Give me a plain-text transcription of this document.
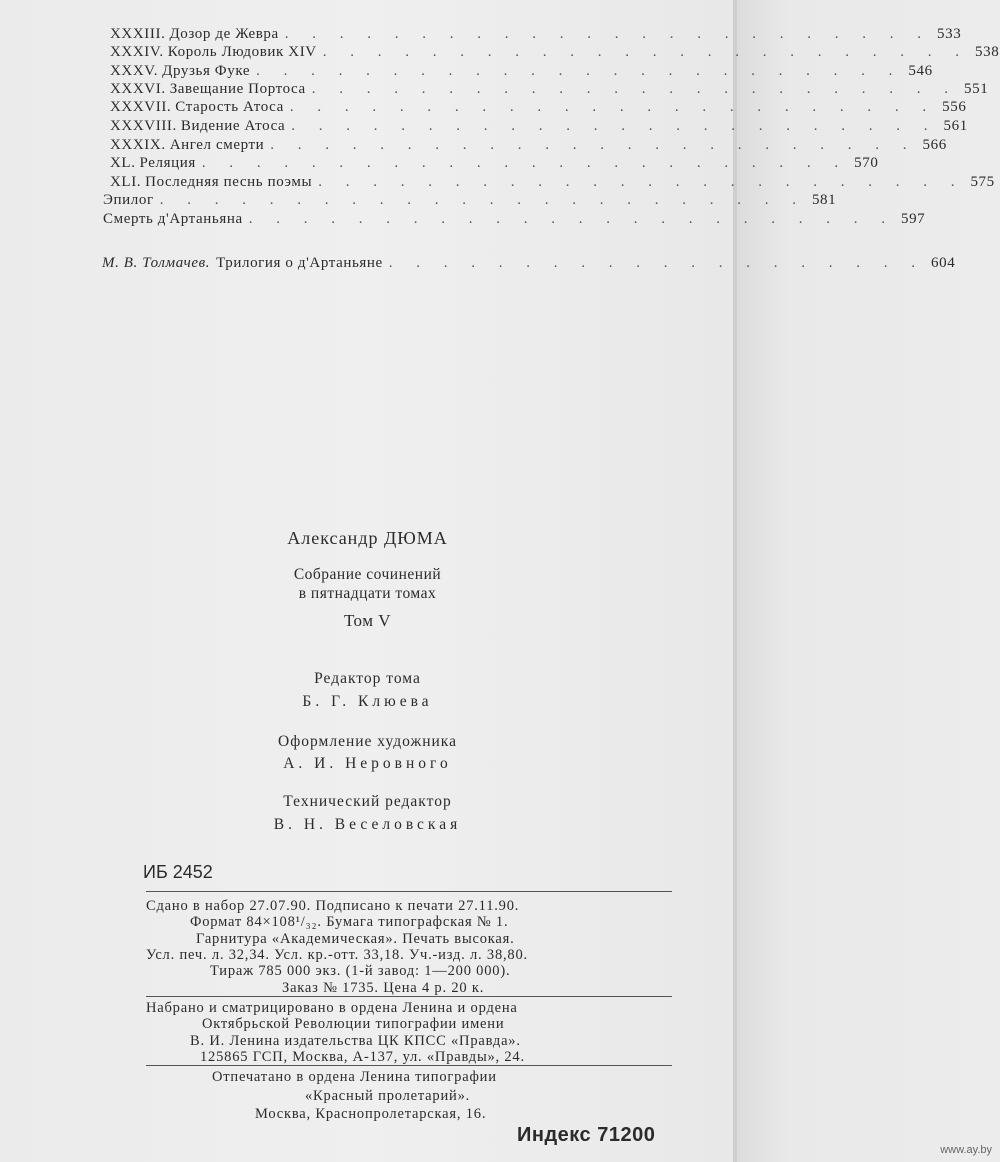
XXXIII. Дозор де Жевра . . . . . . . . . . . . . . . . . . . . . . . . 533
XXXIV. Король Людовик XIV . . . . . . . . . . . . . . . . . . . . . . . . 538
XXXV. Друзья Фуке . . . . . . . . . . . . . . . . . . . . . . . . 546
XXXVI. Завещание Портоса . . . . . . . . . . . . . . . . . . . . . . . . 551
XXXVII. Старость Атоса . . . . . . . . . . . . . . . . . . . . . . . . 556
XXXVIII. Видение Атоса . . . . . . . . . . . . . . . . . . . . . . . . 561
XXXIX. Ангел смерти . . . . . . . . . . . . . . . . . . . . . . . . 566
XL. Реляция . . . . . . . . . . . . . . . . . . . . . . . . 570
XLI. Последняя песнь поэмы . . . . . . . . . . . . . . . . . . . . . . . . 575
Эпилог . . . . . . . . . . . . . . . . . . . . . . . . 581
Смерть д'Артаньяна . . . . . . . . . . . . . . . . . . . . . . . . 597
М. В. Толмачев. Трилогия о д'Артаньяне . . . . . . . . . . . . . . . . . . . . 604
Александр ДЮМА
Собрание сочинений
в пятнадцати томах
Том V
Редактор тома
Б. Г. Клюева
Оформление художника
А. И. Неровного
Технический редактор
В. Н. Веселовская
ИБ 2452
Сдано в набор 27.07.90. Подписано к печати 27.11.90.
Формат 84×108¹/₃₂. Бумага типографская № 1.
Гарнитура «Академическая». Печать высокая.
Усл. печ. л. 32,34. Усл. кр.-отт. 33,18. Уч.-изд. л. 38,80.
Тираж 785 000 экз. (1-й завод: 1—200 000).
Заказ № 1735. Цена 4 р. 20 к.
Набрано и сматрицировано в ордена Ленина и ордена
Октябрьской Революции типографии имени
В. И. Ленина издательства ЦК КПСС «Правда».
125865 ГСП, Москва, А-137, ул. «Правды», 24.
Отпечатано в ордена Ленина типографии
«Красный пролетарий».
Москва, Краснопролетарская, 16.
Индекс 71200
www.ay.by
